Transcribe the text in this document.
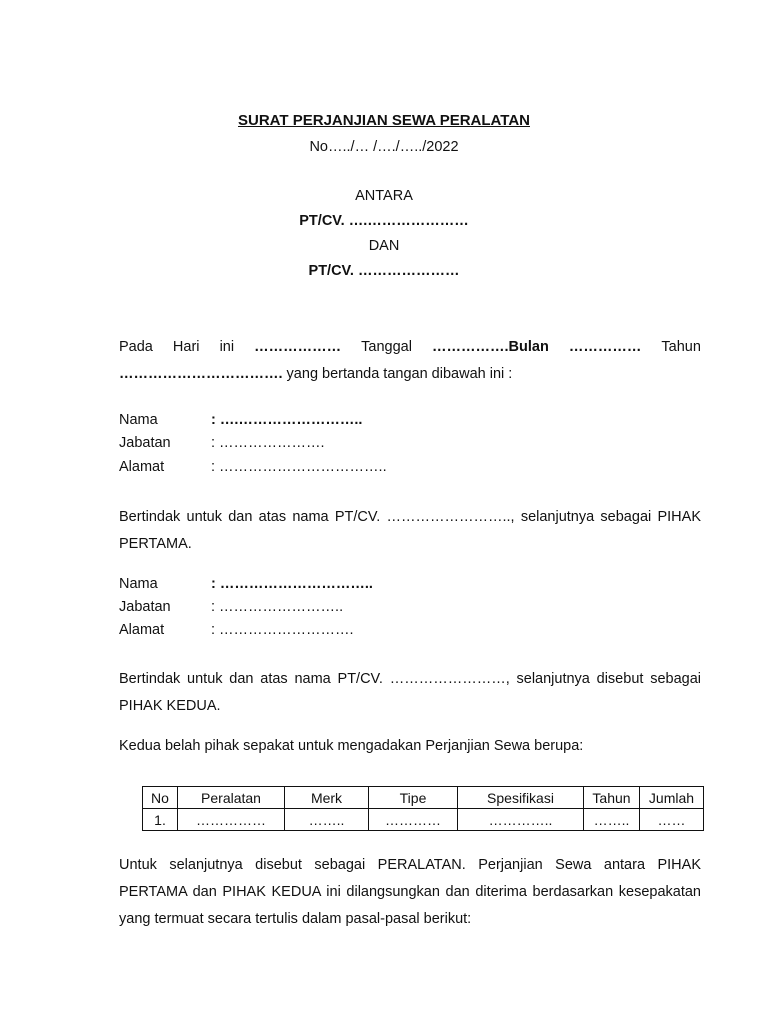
SURAT PERJANJIAN SEWA PERALATAN
No…../… /…./…../2022
ANTARA
PT/CV. ….…………………
DAN
PT/CV. …………………
Pada Hari ini ……………… Tanggal …………….Bulan …………… Tahun
……………………………. yang bertanda tangan dibawah ini :
Nama	: ….……………………..
Jabatan	: ………………….
Alamat	: ……………………………..
Bertindak untuk dan atas nama PT/CV. …………………….., selanjutnya sebagai PIHAK PERTAMA.
Nama	: …………………………..
Jabatan	: ……………………..
Alamat	: ……………………….
Bertindak untuk dan atas nama PT/CV. ……………………, selanjutnya disebut sebagai PIHAK KEDUA.
Kedua belah pihak sepakat untuk mengadakan Perjanjian Sewa berupa:
No	Peralatan	Merk	Tipe	Spesifikasi	Tahun	Jumlah
1.	……………	……..	…………	…………..	……..	……
Untuk selanjutnya disebut sebagai PERALATAN. Perjanjian Sewa antara PIHAK PERTAMA dan PIHAK KEDUA ini dilangsungkan dan diterima berdasarkan kesepakatan yang termuat secara tertulis dalam pasal-pasal berikut:
